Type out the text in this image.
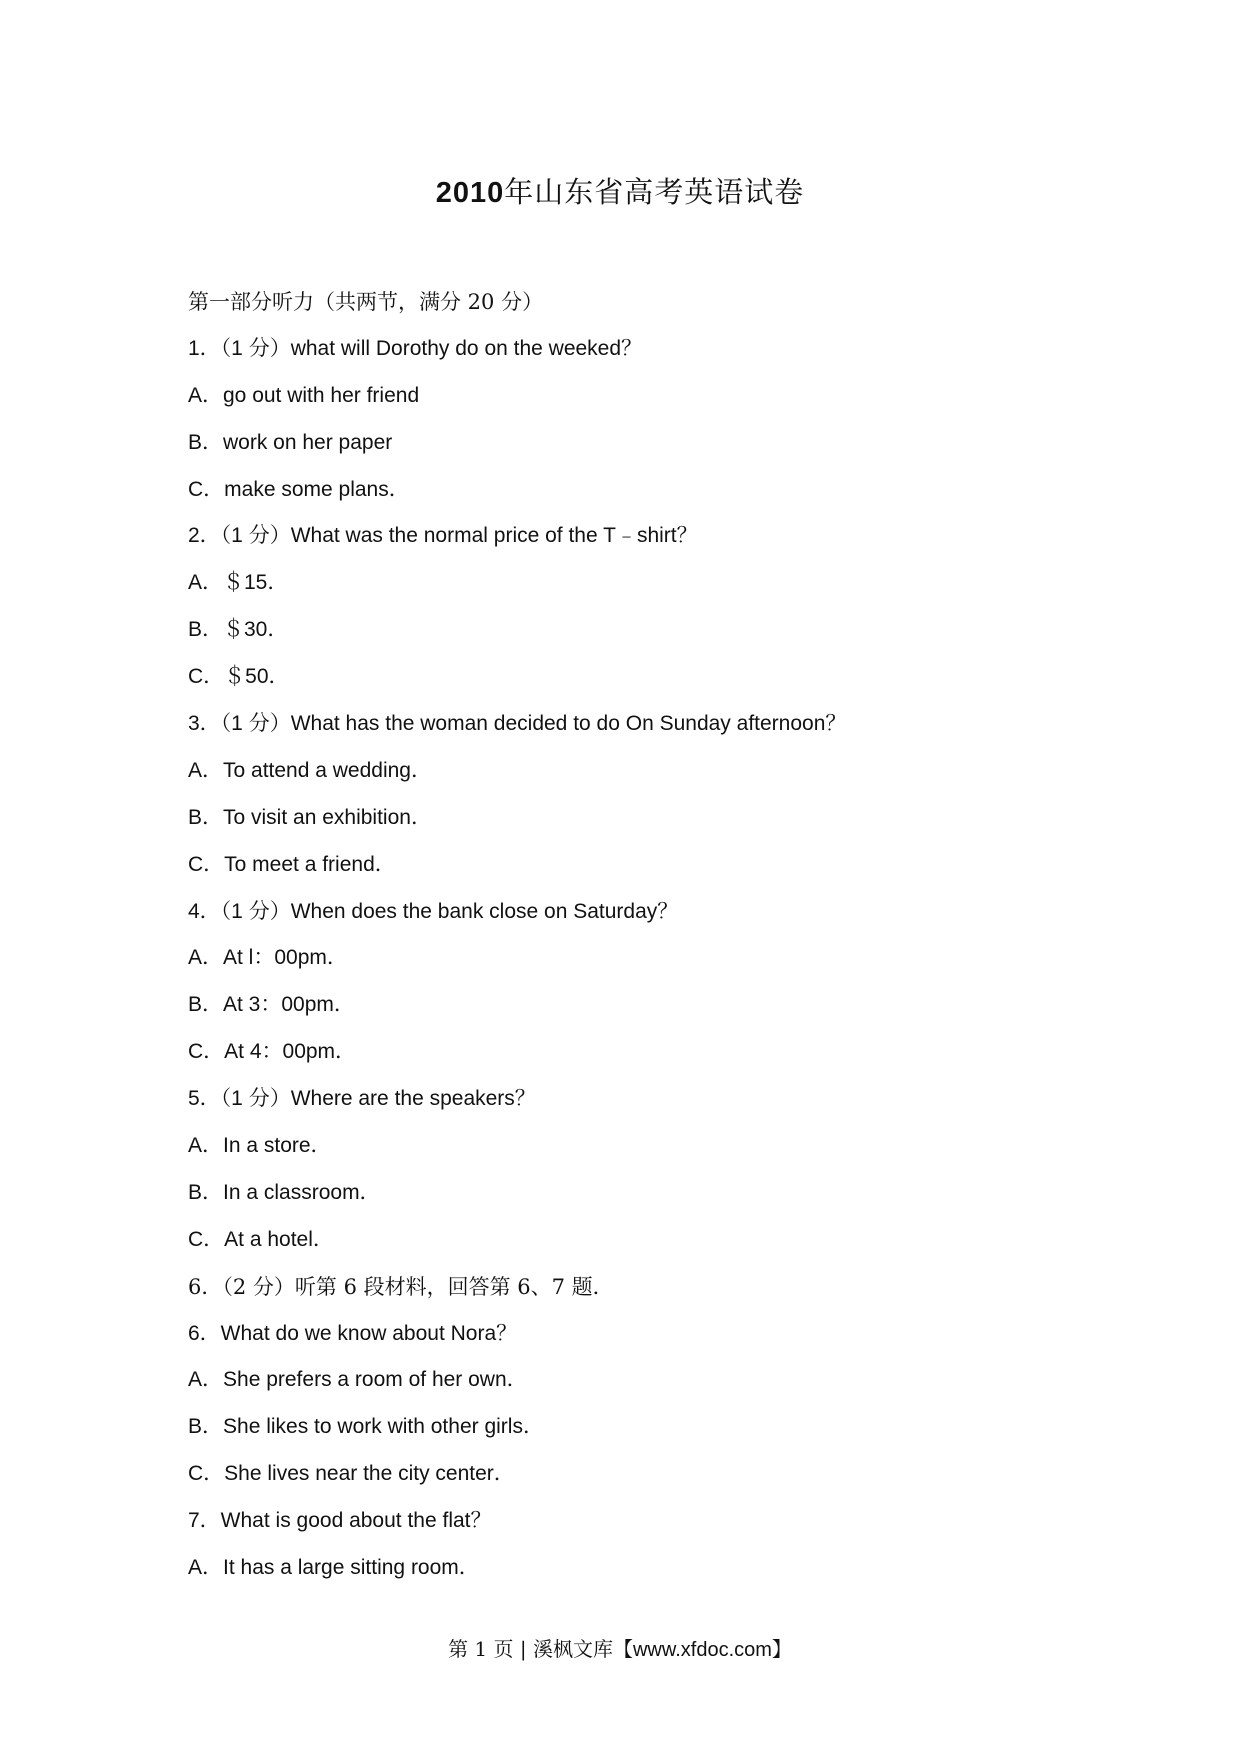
2010年山东省高考英语试卷
第一部分听力（共两节，满分 20 分）
1．（1 分）what will Dorothy do on the weeked？
A．go out with her friend
B．work on her paper
C．make some plans．
2．（1 分）What was the normal price of the T﹣shirt？
A．＄15．
B．＄30．
C．＄50．
3．（1 分）What has the woman decided to do On Sunday afternoon？
A．To attend a wedding．
B．To visit an exhibition．
C．To meet a friend．
4．（1 分）When does the bank close on Saturday？
A．At l：00pm．
B．At 3：00pm．
C．At 4：00pm．
5．（1 分）Where are the speakers？
A．In a store．
B．In a classroom．
C．At a hotel．
6．（2 分）听第 6 段材料，回答第 6、7 题．
6．What do we know about Nora？
A．She prefers a room of her own．
B．She likes to work with other girls．
C．She lives near the city center．
7．What is good about the flat？
A．It has a large sitting room．
第 1 页 | 溪枫文库【www.xfdoc.com】
